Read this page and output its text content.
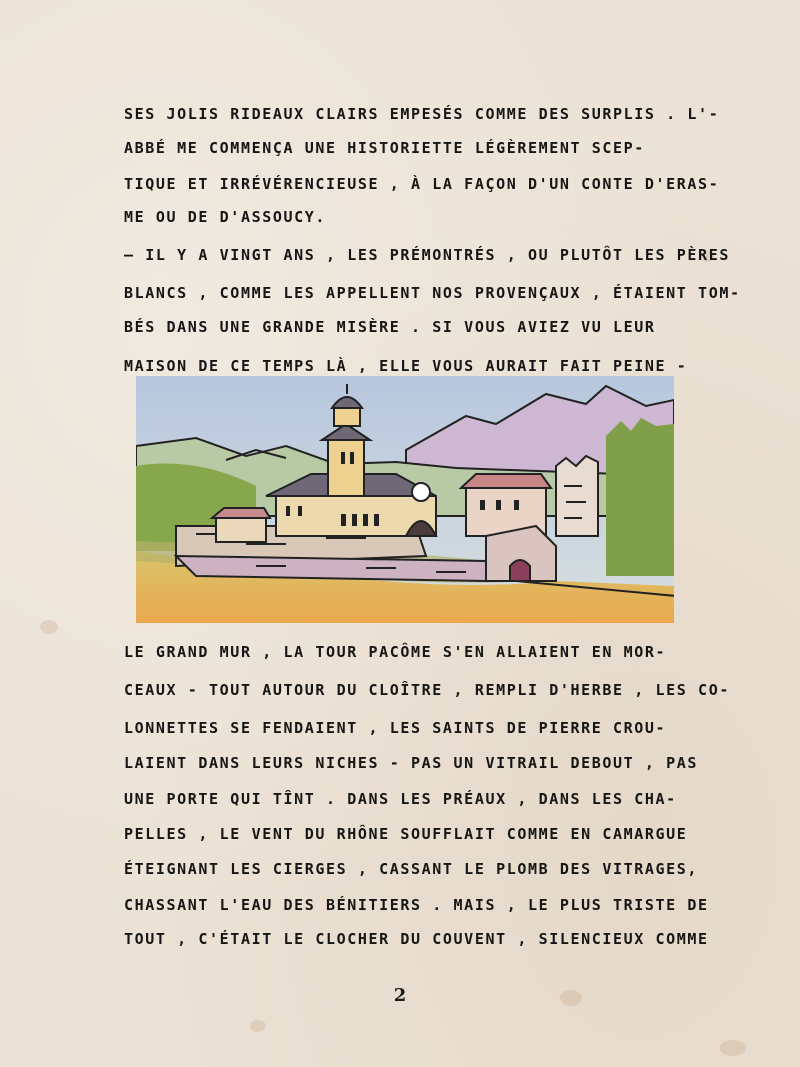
SES JOLIS RIDEAUX CLAIRS EMPESÉS COMME DES SURPLIS . L'-
ABBÉ ME COMMENÇA UNE HISTORIETTE LÉGÈREMENT SCEP-
TIQUE ET IRRÉVÉRENCIEUSE , À LA FAÇON D'UN CONTE D'ERAS-
ME OU DE D'ASSOUCY.
— IL Y A VINGT ANS , LES PRÉMONTRÉS , OU PLUTÔT LES PÈRES
BLANCS , COMME LES APPELLENT NOS PROVENÇAUX , ÉTAIENT TOM-
BÉS DANS UNE GRANDE MISÈRE . SI VOUS AVIEZ VU LEUR
MAISON DE CE TEMPS LÀ , ELLE VOUS AURAIT FAIT PEINE -
LE GRAND MUR , LA TOUR PACÔME S'EN ALLAIENT EN MOR-
CEAUX - TOUT AUTOUR DU CLOÎTRE , REMPLI D'HERBE , LES CO-
LONNETTES SE FENDAIENT , LES SAINTS DE PIERRE CROU-
LAIENT DANS LEURS NICHES - PAS UN VITRAIL DEBOUT , PAS
UNE PORTE QUI TÎNT . DANS LES PRÉAUX , DANS LES CHA-
PELLES , LE VENT DU RHÔNE SOUFFLAIT COMME EN CAMARGUE
ÉTEIGNANT LES CIERGES , CASSANT LE PLOMB DES VITRAGES,
CHASSANT L'EAU DES BÉNITIERS . MAIS , LE PLUS TRISTE DE
TOUT , C'ÉTAIT LE CLOCHER DU COUVENT , SILENCIEUX COMME
2
